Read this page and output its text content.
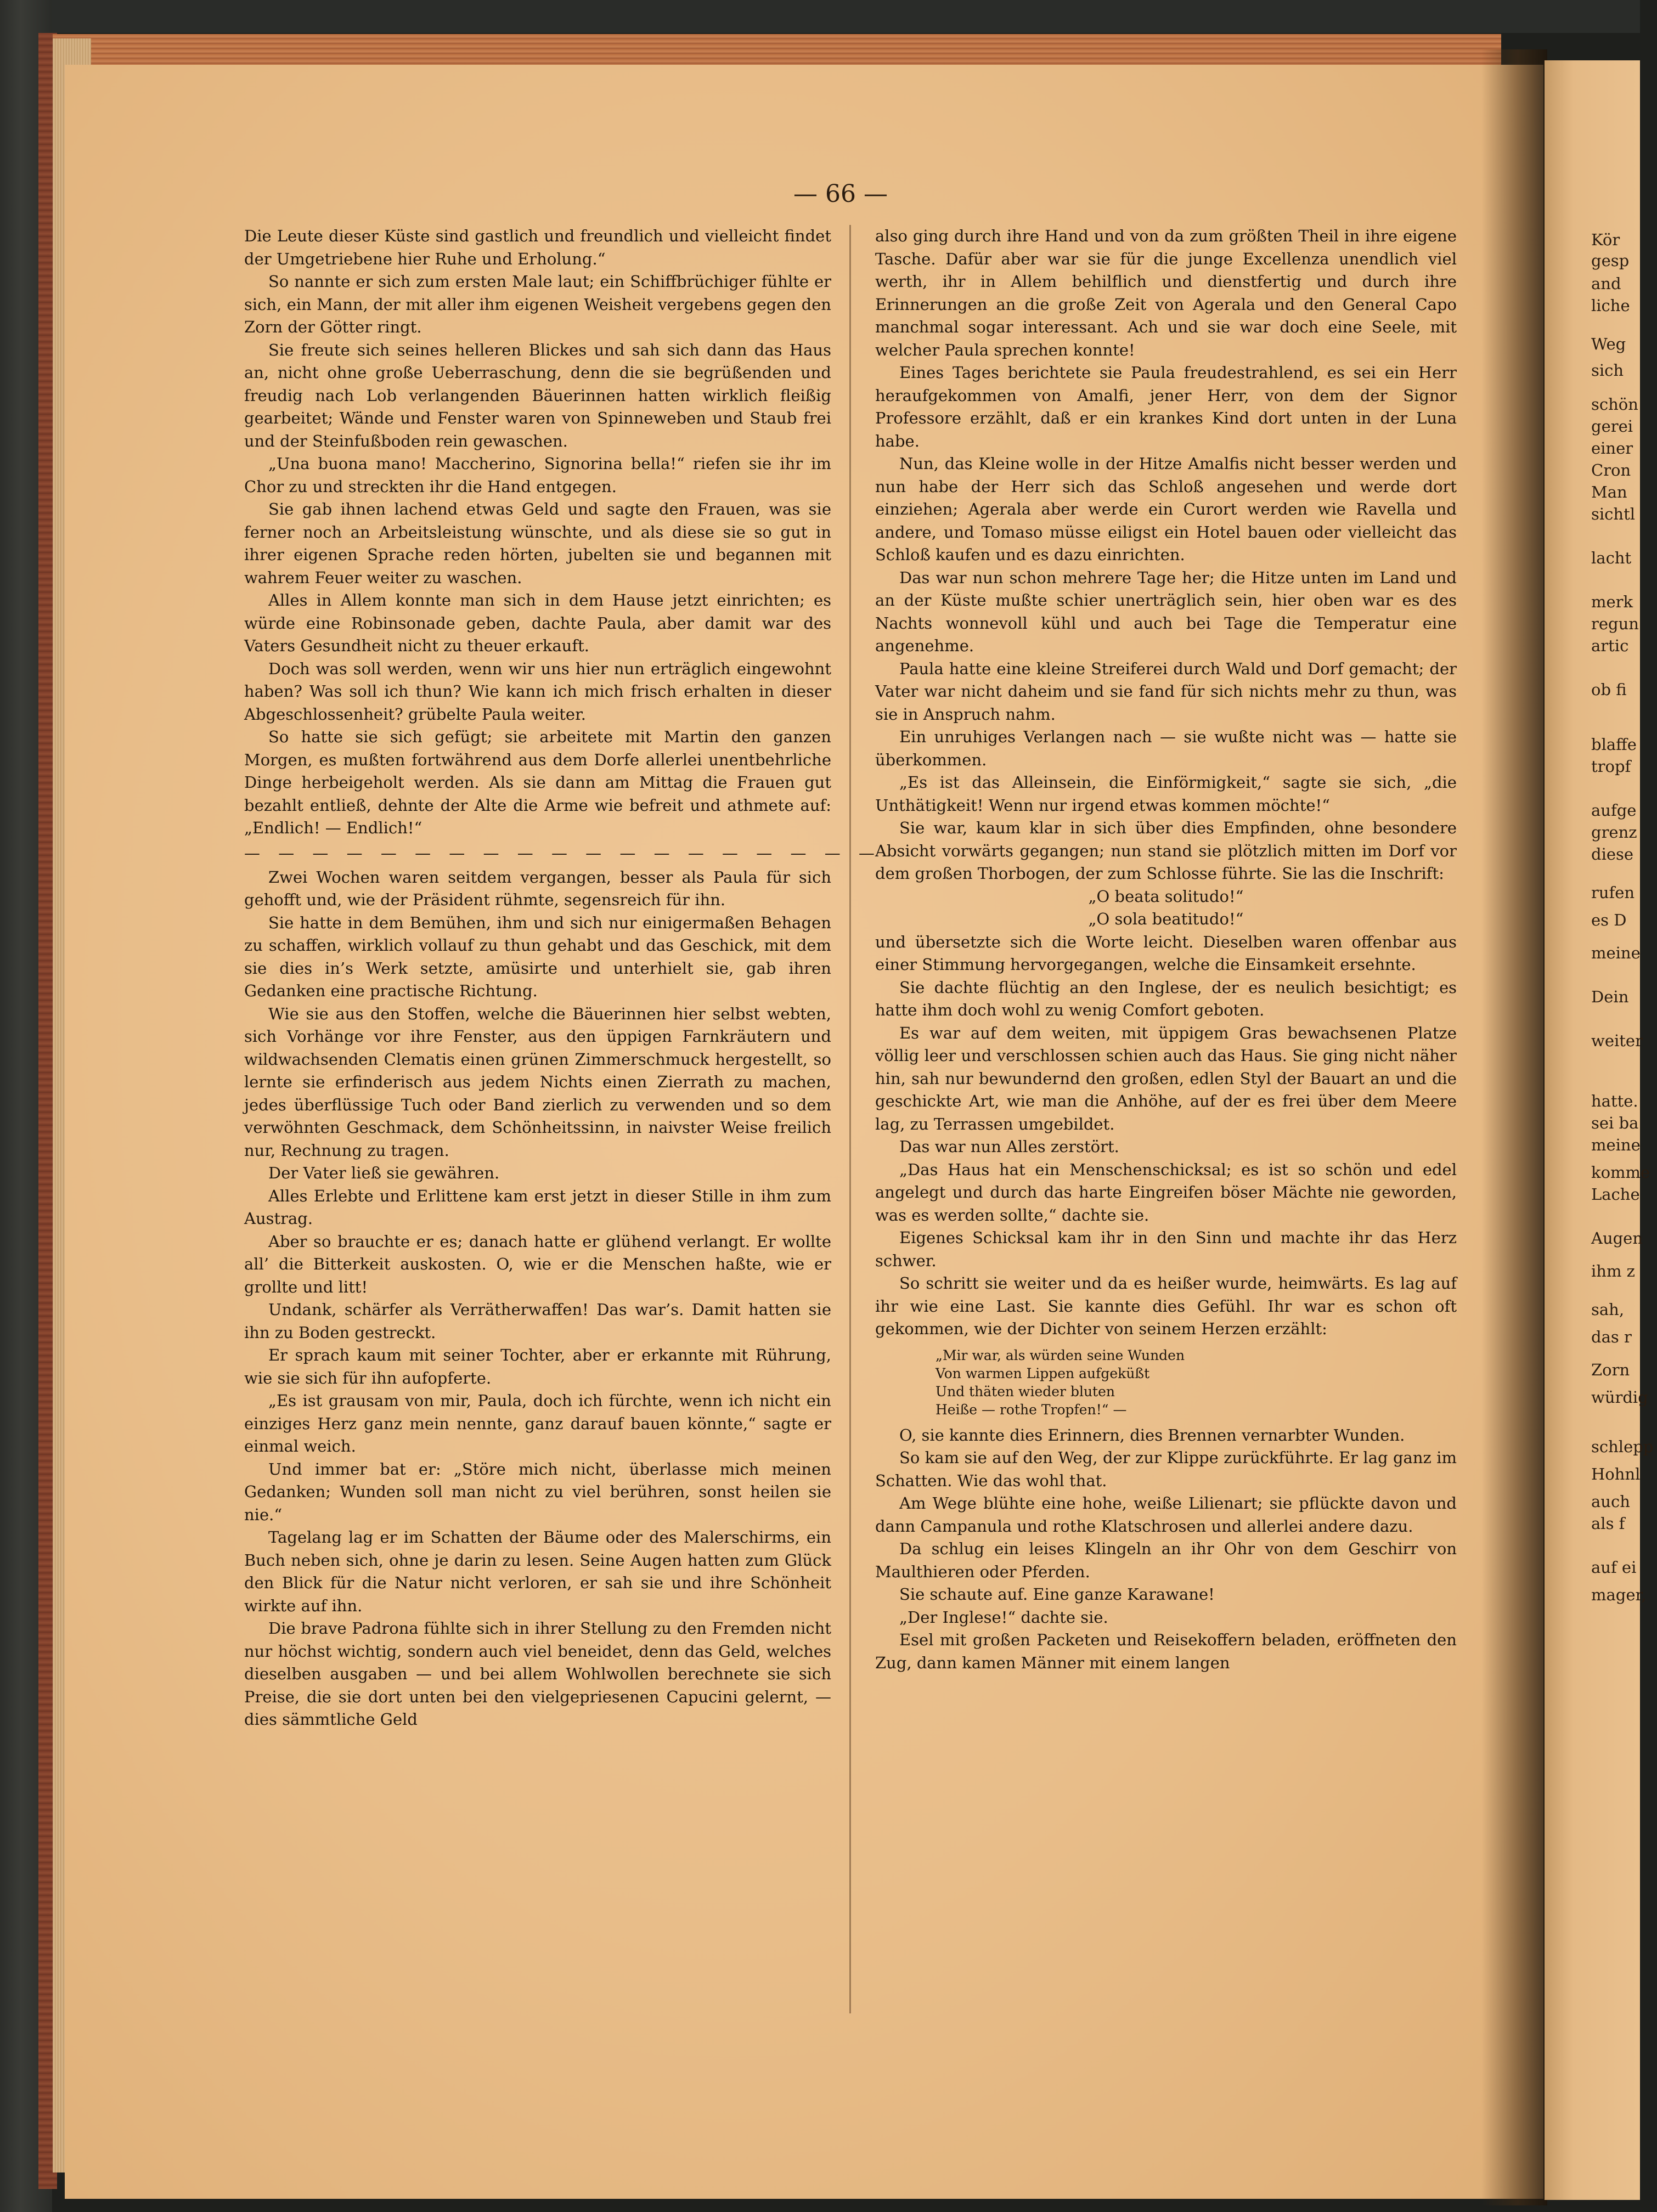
— 66 —

Die Leute dieser Küste sind gastlich und freundlich und vielleicht findet der Umgetriebene hier Ruhe und Erholung.“

So nannte er sich zum ersten Male laut; ein Schiffbrüchiger fühlte er sich, ein Mann, der mit aller ihm eigenen Weisheit vergebens gegen den Zorn der Götter ringt.

Sie freute sich seines helleren Blickes und sah sich dann das Haus an, nicht ohne große Ueberraschung, denn die sie begrüßenden und freudig nach Lob verlangenden Bäuerinnen hatten wirklich fleißig gearbeitet; Wände und Fenster waren von Spinneweben und Staub frei und der Steinfußboden rein gewaschen.

„Una buona mano! Maccherino, Signorina bella!“ riefen sie ihr im Chor zu und streckten ihr die Hand entgegen.

Sie gab ihnen lachend etwas Geld und sagte den Frauen, was sie ferner noch an Arbeitsleistung wünschte, und als diese sie so gut in ihrer eigenen Sprache reden hörten, jubelten sie und begannen mit wahrem Feuer weiter zu waschen.

Alles in Allem konnte man sich in dem Hause jetzt einrichten; es würde eine Robinsonade geben, dachte Paula, aber damit war des Vaters Gesundheit nicht zu theuer erkauft.

Doch was soll werden, wenn wir uns hier nun erträglich eingewohnt haben? Was soll ich thun? Wie kann ich mich frisch erhalten in dieser Abgeschlossenheit? grübelte Paula weiter.

So hatte sie sich gefügt; sie arbeitete mit Martin den ganzen Morgen, es mußten fortwährend aus dem Dorfe allerlei unentbehrliche Dinge herbeigeholt werden. Als sie dann am Mittag die Frauen gut bezahlt entließ, dehnte der Alte die Arme wie befreit und athmete auf: „Endlich! — Endlich!“

— — — — — — — — — — — — — — — — — — —

Zwei Wochen waren seitdem vergangen, besser als Paula für sich gehofft und, wie der Präsident rühmte, segensreich für ihn.

Sie hatte in dem Bemühen, ihm und sich nur einigermaßen Behagen zu schaffen, wirklich vollauf zu thun gehabt und das Geschick, mit dem sie dies in’s Werk setzte, amüsirte und unterhielt sie, gab ihren Gedanken eine practische Richtung.

Wie sie aus den Stoffen, welche die Bäuerinnen hier selbst webten, sich Vorhänge vor ihre Fenster, aus den üppigen Farnkräutern und wildwachsenden Clematis einen grünen Zimmerschmuck hergestellt, so lernte sie erfinderisch aus jedem Nichts einen Zierrath zu machen, jedes überflüssige Tuch oder Band zierlich zu verwenden und so dem verwöhnten Geschmack, dem Schönheitssinn, in naivster Weise freilich nur, Rechnung zu tragen.

Der Vater ließ sie gewähren.

Alles Erlebte und Erlittene kam erst jetzt in dieser Stille in ihm zum Austrag.

Aber so brauchte er es; danach hatte er glühend verlangt. Er wollte all’ die Bitterkeit auskosten. O, wie er die Menschen haßte, wie er grollte und litt!

Undank, schärfer als Verrätherwaffen! Das war’s. Damit hatten sie ihn zu Boden gestreckt.

Er sprach kaum mit seiner Tochter, aber er erkannte mit Rührung, wie sie sich für ihn aufopferte.

„Es ist grausam von mir, Paula, doch ich fürchte, wenn ich nicht ein einziges Herz ganz mein nennte, ganz darauf bauen könnte,“ sagte er einmal weich.

Und immer bat er: „Störe mich nicht, überlasse mich meinen Gedanken; Wunden soll man nicht zu viel berühren, sonst heilen sie nie.“

Tagelang lag er im Schatten der Bäume oder des Malerschirms, ein Buch neben sich, ohne je darin zu lesen. Seine Augen hatten zum Glück den Blick für die Natur nicht verloren, er sah sie und ihre Schönheit wirkte auf ihn.

Die brave Padrona fühlte sich in ihrer Stellung zu den Fremden nicht nur höchst wichtig, sondern auch viel beneidet, denn das Geld, welches dieselben ausgaben — und bei allem Wohlwollen berechnete sie sich Preise, die sie dort unten bei den vielgepriesenen Capucini gelernt, — dies sämmtliche Geld

also ging durch ihre Hand und von da zum größten Theil in ihre eigene Tasche. Dafür aber war sie für die junge Excellenza unendlich viel werth, ihr in Allem behilflich und dienstfertig und durch ihre Erinnerungen an die große Zeit von Agerala und den General Capo manchmal sogar interessant. Ach und sie war doch eine Seele, mit welcher Paula sprechen konnte!

Eines Tages berichtete sie Paula freudestrahlend, es sei ein Herr heraufgekommen von Amalfi, jener Herr, von dem der Signor Professore erzählt, daß er ein krankes Kind dort unten in der Luna habe.

Nun, das Kleine wolle in der Hitze Amalfis nicht besser werden und nun habe der Herr sich das Schloß angesehen und werde dort einziehen; Agerala aber werde ein Curort werden wie Ravella und andere, und Tomaso müsse eiligst ein Hotel bauen oder vielleicht das Schloß kaufen und es dazu einrichten.

Das war nun schon mehrere Tage her; die Hitze unten im Land und an der Küste mußte schier unerträglich sein, hier oben war es des Nachts wonnevoll kühl und auch bei Tage die Temperatur eine angenehme.

Paula hatte eine kleine Streiferei durch Wald und Dorf gemacht; der Vater war nicht daheim und sie fand für sich nichts mehr zu thun, was sie in Anspruch nahm.

Ein unruhiges Verlangen nach — sie wußte nicht was — hatte sie überkommen.

„Es ist das Alleinsein, die Einförmigkeit,“ sagte sie sich, „die Unthätigkeit! Wenn nur irgend etwas kommen möchte!“

Sie war, kaum klar in sich über dies Empfinden, ohne besondere Absicht vorwärts gegangen; nun stand sie plötzlich mitten im Dorf vor dem großen Thorbogen, der zum Schlosse führte. Sie las die Inschrift:

„O beata solitudo!“

„O sola beatitudo!“

und übersetzte sich die Worte leicht. Dieselben waren offenbar aus einer Stimmung hervorgegangen, welche die Einsamkeit ersehnte.

Sie dachte flüchtig an den Inglese, der es neulich besichtigt; es hatte ihm doch wohl zu wenig Comfort geboten.

Es war auf dem weiten, mit üppigem Gras bewachsenen Platze völlig leer und verschlossen schien auch das Haus. Sie ging nicht näher hin, sah nur bewundernd den großen, edlen Styl der Bauart an und die geschickte Art, wie man die Anhöhe, auf der es frei über dem Meere lag, zu Terrassen umgebildet.

Das war nun Alles zerstört.

„Das Haus hat ein Menschenschicksal; es ist so schön und edel angelegt und durch das harte Eingreifen böser Mächte nie geworden, was es werden sollte,“ dachte sie.

Eigenes Schicksal kam ihr in den Sinn und machte ihr das Herz schwer.

So schritt sie weiter und da es heißer wurde, heimwärts. Es lag auf ihr wie eine Last. Sie kannte dies Gefühl. Ihr war es schon oft gekommen, wie der Dichter von seinem Herzen erzählt:

„Mir war, als würden seine Wunden

Von warmen Lippen aufgeküßt

Und thäten wieder bluten

Heiße — rothe Tropfen!“ —

O, sie kannte dies Erinnern, dies Brennen vernarbter Wunden.

So kam sie auf den Weg, der zur Klippe zurückführte. Er lag ganz im Schatten. Wie das wohl that.

Am Wege blühte eine hohe, weiße Lilienart; sie pflückte davon und dann Campanula und rothe Klatschrosen und allerlei andere dazu.

Da schlug ein leises Klingeln an ihr Ohr von dem Geschirr von Maulthieren oder Pferden.

Sie schaute auf. Eine ganze Karawane!

„Der Inglese!“ dachte sie.

Esel mit großen Packeten und Reisekoffern beladen, eröffneten den Zug, dann kamen Männer mit einem langen

Kör
gesp
and
liche
Weg
sich
schön
gerei
einer
Cron
Man
sichtl
lacht
merk
regun
artic
ob fi
blaffe
tropf
aufge
grenz
diese
rufen
es D
meine
Dein
weiter
hatte.
sei ba
meine
komme
Lache
Augen
ihm z
sah,
das r
Zorn
würdig
schlepp
Hohnl
auch
als f
auf ei
mager,
